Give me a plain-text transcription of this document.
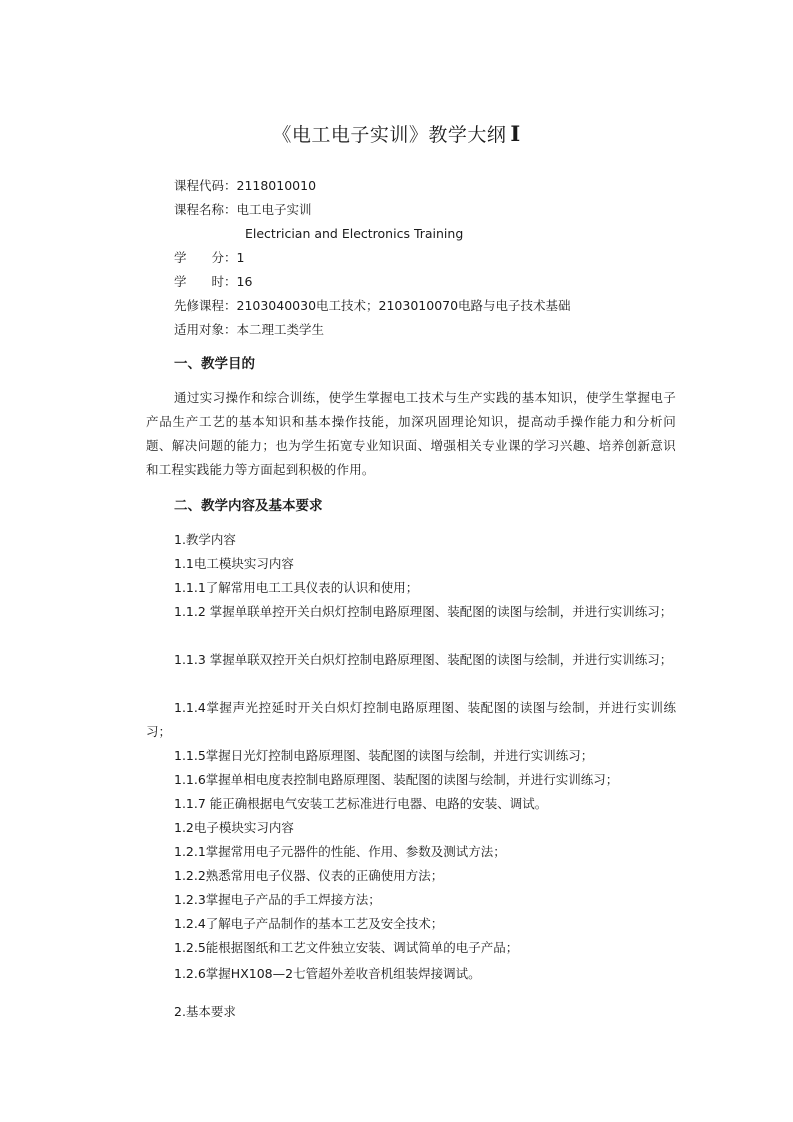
《电工电子实训》教学大纲 I
课程代码：2118010010
课程名称：电工电子实训
Electrician and Electronics Training
学　　分：1
学　　时：16
先修课程：2103040030电工技术；2103010070电路与电子技术基础
适用对象：本二理工类学生
一、教学目的
通过实习操作和综合训练，使学生掌握电工技术与生产实践的基本知识，使学生掌握电子产品生产工艺的基本知识和基本操作技能，加深巩固理论知识，提高动手操作能力和分析问题、解决问题的能力；也为学生拓宽专业知识面、增强相关专业课的学习兴趣、培养创新意识和工程实践能力等方面起到积极的作用。
二、教学内容及基本要求
1.教学内容
1.1电工模块实习内容
1.1.1了解常用电工工具仪表的认识和使用；
1.1.2 掌握单联单控开关白炽灯控制电路原理图、装配图的读图与绘制，并进行实训练习；
1.1.3 掌握单联双控开关白炽灯控制电路原理图、装配图的读图与绘制，并进行实训练习；
1.1.4掌握声光控延时开关白炽灯控制电路原理图、装配图的读图与绘制，并进行实训练习；
1.1.5掌握日光灯控制电路原理图、装配图的读图与绘制，并进行实训练习；
1.1.6掌握单相电度表控制电路原理图、装配图的读图与绘制，并进行实训练习；
1.1.7 能正确根据电气安装工艺标准进行电器、电路的安装、调试。
1.2电子模块实习内容
1.2.1掌握常用电子元器件的性能、作用、参数及测试方法；
1.2.2熟悉常用电子仪器、仪表的正确使用方法；
1.2.3掌握电子产品的手工焊接方法；
1.2.4了解电子产品制作的基本工艺及安全技术；
1.2.5能根据图纸和工艺文件独立安装、调试简单的电子产品；
1.2.6掌握HX108—2七管超外差收音机组装焊接调试。
2.基本要求
